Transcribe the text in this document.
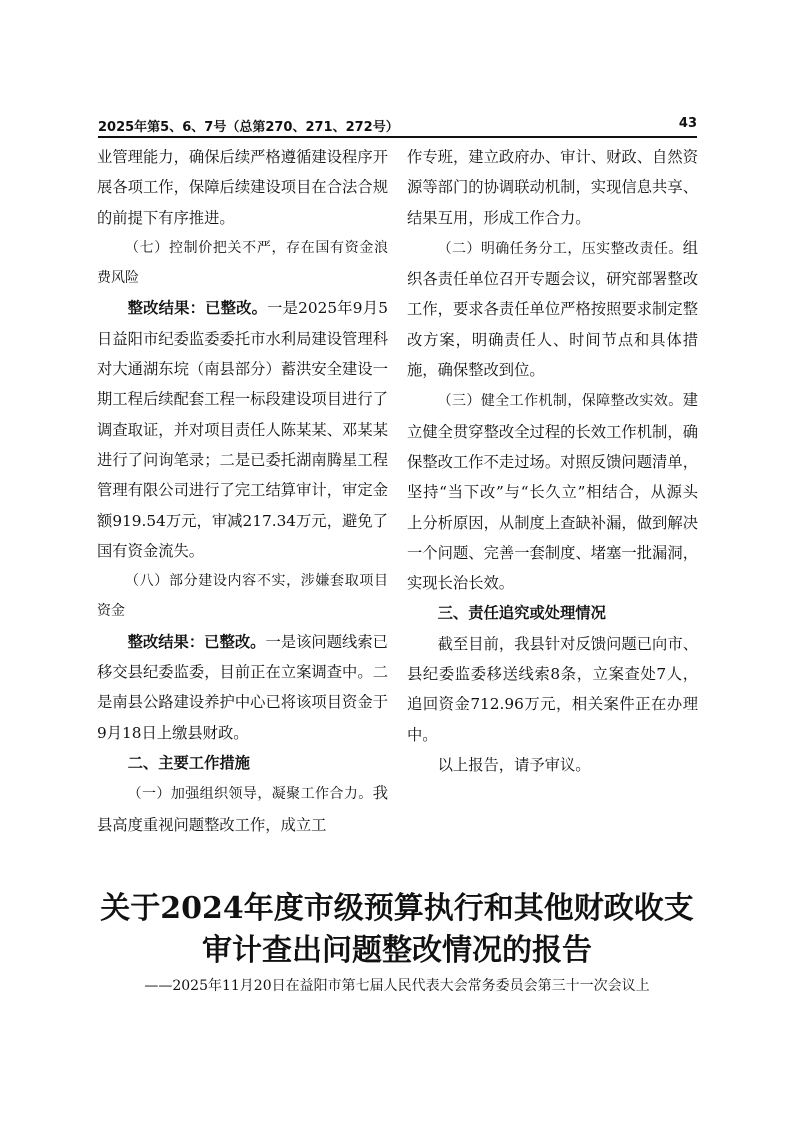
2025年第5、6、7号（总第270、271、272号）	43

业管理能力，确保后续严格遵循建设程序开展各项工作，保障后续建设项目在合法合规的前提下有序推进。

（七）控制价把关不严，存在国有资金浪费风险

整改结果：已整改。一是2025年9月5日益阳市纪委监委委托市水利局建设管理科对大通湖东垸（南县部分）蓄洪安全建设一期工程后续配套工程一标段建设项目进行了调查取证，并对项目责任人陈某某、邓某某进行了问询笔录；二是已委托湖南腾星工程管理有限公司进行了完工结算审计，审定金额919.54万元，审减217.34万元，避免了国有资金流失。

（八）部分建设内容不实，涉嫌套取项目资金

整改结果：已整改。一是该问题线索已移交县纪委监委，目前正在立案调查中。二是南县公路建设养护中心已将该项目资金于9月18日上缴县财政。

二、主要工作措施

（一）加强组织领导，凝聚工作合力。我县高度重视问题整改工作，成立工

作专班，建立政府办、审计、财政、自然资源等部门的协调联动机制，实现信息共享、结果互用，形成工作合力。

（二）明确任务分工，压实整改责任。组织各责任单位召开专题会议，研究部署整改工作，要求各责任单位严格按照要求制定整改方案，明确责任人、时间节点和具体措施，确保整改到位。

（三）健全工作机制，保障整改实效。建立健全贯穿整改全过程的长效工作机制，确保整改工作不走过场。对照反馈问题清单，坚持“当下改”与“长久立”相结合，从源头上分析原因，从制度上查缺补漏，做到解决一个问题、完善一套制度、堵塞一批漏洞，实现长治长效。

三、责任追究或处理情况

截至目前，我县针对反馈问题已向市、县纪委监委移送线索8条，立案查处7人，追回资金712.96万元，相关案件正在办理中。

以上报告，请予审议。

关于2024年度市级预算执行和其他财政收支
审计查出问题整改情况的报告
——2025年11月20日在益阳市第七届人民代表大会常务委员会第三十一次会议上
